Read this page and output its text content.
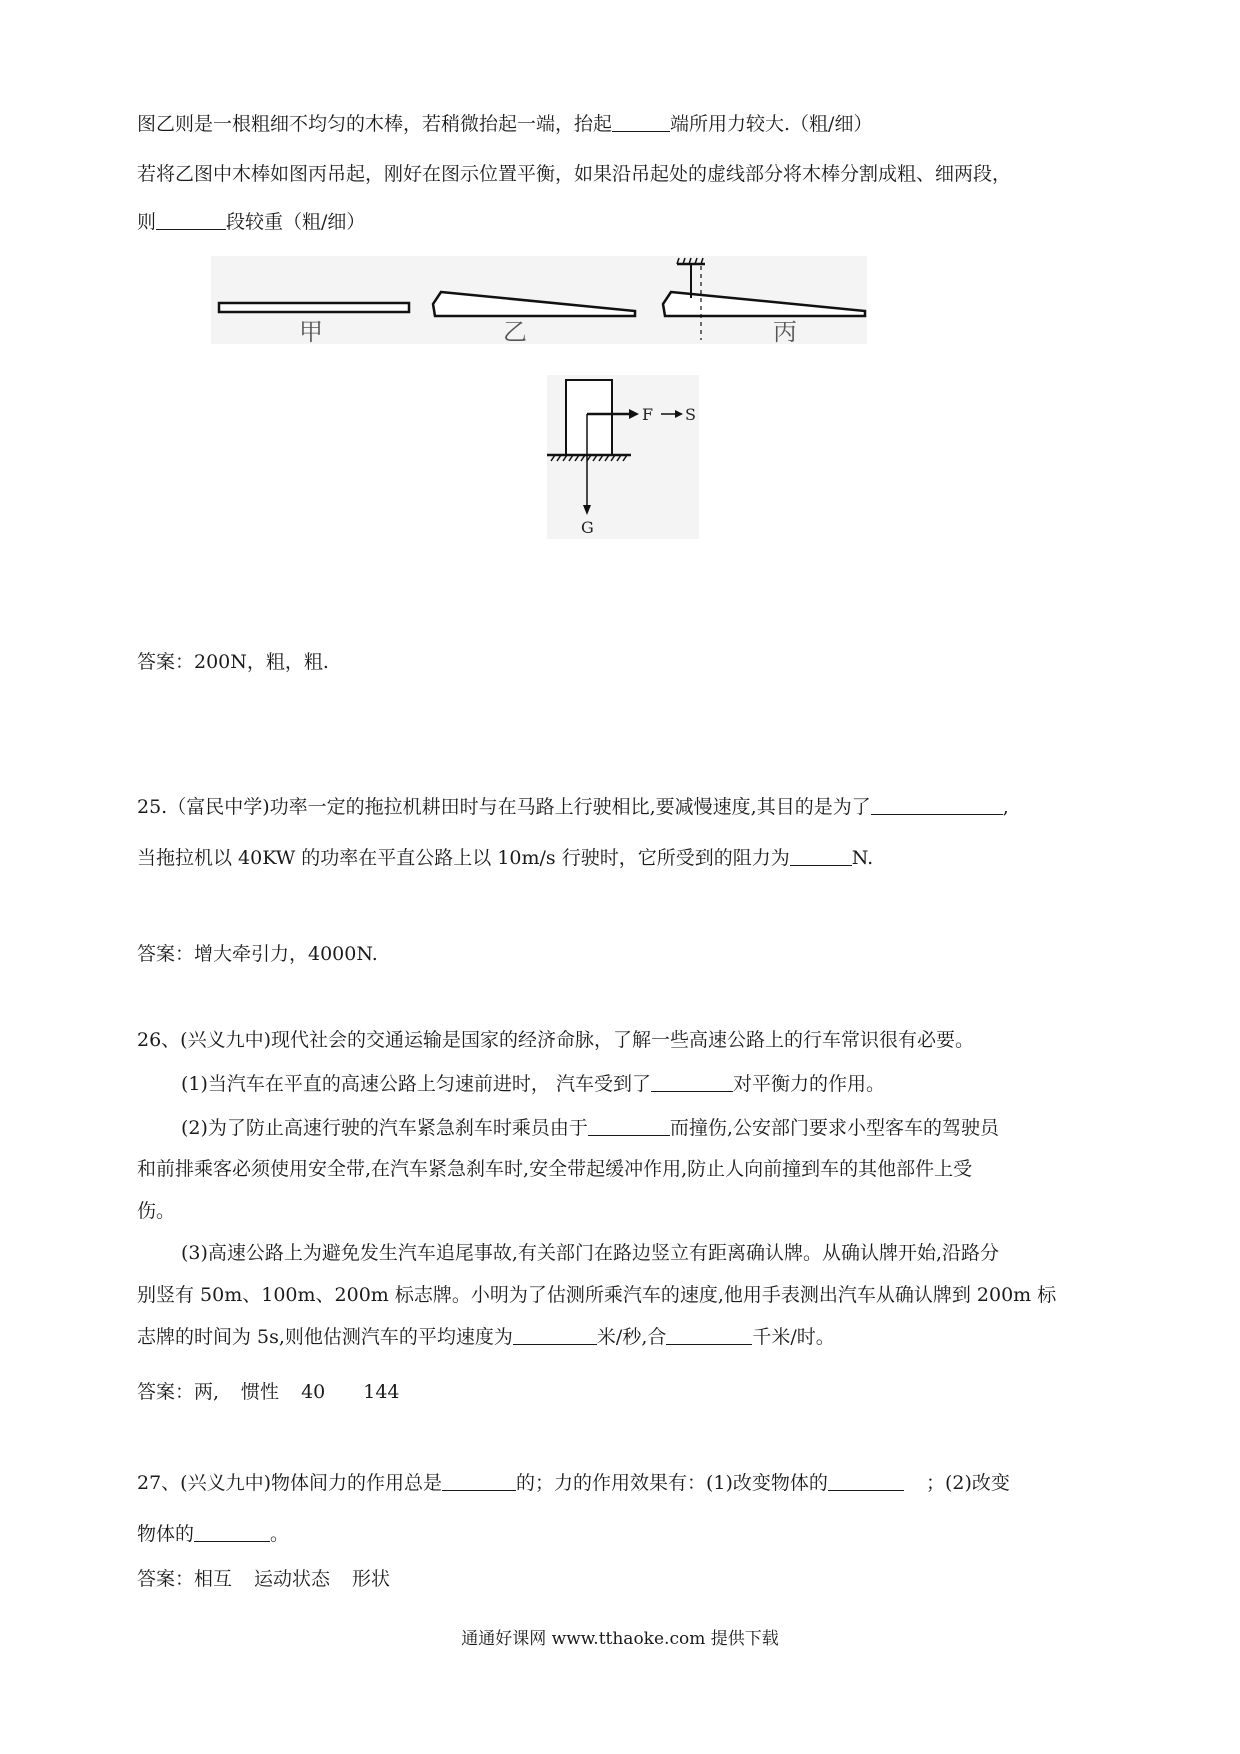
图乙则是一根粗细不均匀的木棒，若稍微抬起一端，抬起	端所用力较大.（粗/细）

若将乙图中木棒如图丙吊起，刚好在图示位置平衡，如果沿吊起处的虚线部分将木棒分割成粗、细两段，

则	段较重（粗/细）

甲	乙	丙
F S
G

答案：200N，粗，粗.

25.（富民中学)功率一定的拖拉机耕田时与在马路上行驶相比,要减慢速度,其目的是为了	,

当拖拉机以 40KW 的功率在平直公路上以 10m/s 行驶时，它所受到的阻力为	N.

答案：增大牵引力，4000N.

26、(兴义九中)现代社会的交通运输是国家的经济命脉，了解一些高速公路上的行车常识很有必要。

(1)当汽车在平直的高速公路上匀速前进时， 汽车受到了	对平衡力的作用。

(2)为了防止高速行驶的汽车紧急刹车时乘员由于	而撞伤,公安部门要求小型客车的驾驶员

和前排乘客必须使用安全带,在汽车紧急刹车时,安全带起缓冲作用,防止人向前撞到车的其他部件上受

伤。

(3)高速公路上为避免发生汽车追尾事故,有关部门在路边竖立有距离确认牌。从确认牌开始,沿路分

别竖有 50m、100m、200m 标志牌。小明为了估测所乘汽车的速度,他用手表测出汽车从确认牌到 200m 标

志牌的时间为 5s,则他估测汽车的平均速度为	米/秒,合	千米/时。

答案：两, 惯性 40 144

27、(兴义九中)物体间力的作用总是	的；力的作用效果有：(1)改变物体的	；(2)改变

物体的	。

答案：相互 运动状态 形状

通通好课网 www.tthaoke.com 提供下载
